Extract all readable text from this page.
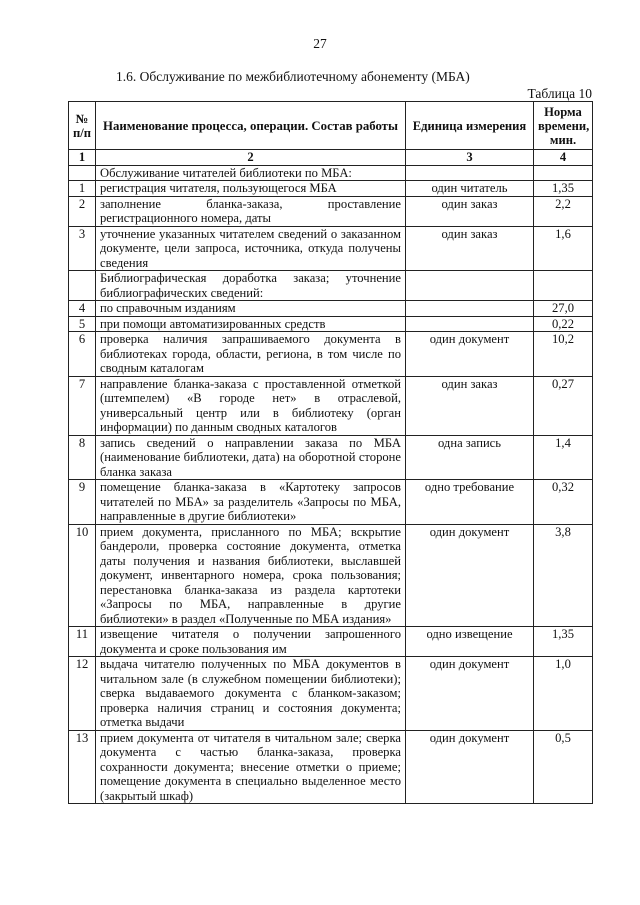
27
1.6. Обслуживание по межбиблиотечному абонементу (МБА)
Таблица 10
№ п/п	Наименование процесса, операции. Состав работы	Единица измерения	Норма времени, мин.
1	2	3	4
	Обслуживание читателей библиотеки по МБА:		
1	регистрация читателя, пользующегося МБА	один читатель	1,35
2	заполнение бланка-заказа, проставление регистрационного номера, даты	один заказ	2,2
3	уточнение указанных читателем сведений о заказанном документе, цели запроса, источника, откуда получены сведения	один заказ	1,6
	Библиографическая доработка заказа; уточнение библиографических сведений:		
4	по справочным изданиям		27,0
5	при помощи автоматизированных средств		0,22
6	проверка наличия запрашиваемого документа в библиотеках города, области, региона, в том числе по сводным каталогам	один документ	10,2
7	направление бланка-заказа с проставленной отметкой (штемпелем) «В городе нет» в отраслевой, универсальный центр или в библиотеку (орган информации) по данным сводных каталогов	один заказ	0,27
8	запись сведений о направлении заказа по МБА (наименование библиотеки, дата) на оборотной стороне бланка заказа	одна запись	1,4
9	помещение бланка-заказа в «Картотеку запросов читателей по МБА» за разделитель «Запросы по МБА, направленные в другие библиотеки»	одно требование	0,32
10	прием документа, присланного по МБА; вскрытие бандероли, проверка состояние документа, отметка даты получения и названия библиотеки, выславшей документ, инвентарного номера, срока пользования; перестановка бланка-заказа из раздела картотеки «Запросы по МБА, направленные в другие библиотеки» в раздел «Полученные по МБА издания»	один документ	3,8
11	извещение читателя о получении запрошенного документа и сроке пользования им	одно извещение	1,35
12	выдача читателю полученных по МБА документов в читальном зале (в служебном помещении библиотеки); сверка выдаваемого документа с бланком-заказом; проверка наличия страниц и состояния документа; отметка выдачи	один документ	1,0
13	прием документа от читателя в читальном зале; сверка документа с частью бланка-заказа, проверка сохранности документа; внесение отметки о приеме; помещение документа в специально выделенное место (закрытый шкаф)	один документ	0,5
